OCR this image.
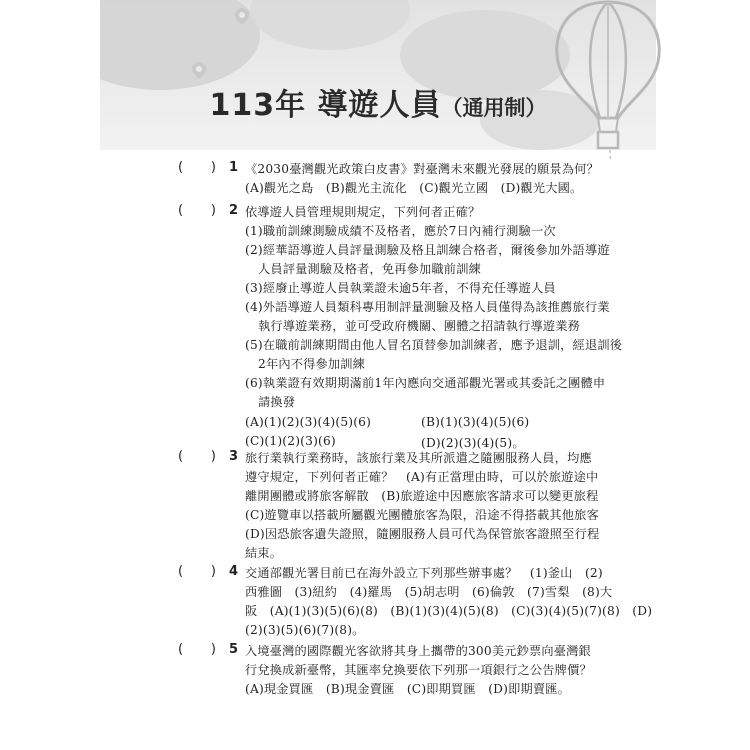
113年 導遊人員（通用制）
( ) 1 《2030臺灣觀光政策白皮書》對臺灣未來觀光發展的願景為何？
(A)觀光之島　(B)觀光主流化　(C)觀光立國　(D)觀光大國。
( ) 2 依導遊人員管理規則規定，下列何者正確？
(1)職前訓練測驗成績不及格者，應於7日內補行測驗一次
(2)經華語導遊人員評量測驗及格且訓練合格者，爾後參加外語導遊
人員評量測驗及格者，免再參加職前訓練
(3)經廢止導遊人員執業證未逾5年者，不得充任導遊人員
(4)外語導遊人員類科專用制評量測驗及格人員僅得為該推薦旅行業
執行導遊業務，並可受政府機關、團體之招請執行導遊業務
(5)在職前訓練期間由他人冒名頂替參加訓練者，應予退訓，經退訓後
2年內不得參加訓練
(6)執業證有效期期滿前1年內應向交通部觀光署或其委託之團體申
請換發
(A)(1)(2)(3)(4)(5)(6)	(B)(1)(3)(4)(5)(6)
(C)(1)(2)(3)(6)	(D)(2)(3)(4)(5)。
( ) 3 旅行業執行業務時，該旅行業及其所派遣之隨團服務人員，均應
遵守規定，下列何者正確？　(A)有正當理由時，可以於旅遊途中
離開團體或將旅客解散　(B)旅遊途中因應旅客請求可以變更旅程
(C)遊覽車以搭載所屬觀光團體旅客為限，沿途不得搭載其他旅客
(D)因恐旅客遺失證照，隨團服務人員可代為保管旅客證照至行程
結束。
( ) 4 交通部觀光署目前已在海外設立下列那些辦事處？　(1)釜山　(2)
西雅圖　(3)紐約　(4)羅馬　(5)胡志明　(6)倫敦　(7)雪梨　(8)大
阪　(A)(1)(3)(5)(6)(8)　(B)(1)(3)(4)(5)(8)　(C)(3)(4)(5)(7)(8)　(D)
(2)(3)(5)(6)(7)(8)。
( ) 5 入境臺灣的國際觀光客欲將其身上攜帶的300美元鈔票向臺灣銀
行兌換成新臺幣，其匯率兌換要依下列那一項銀行之公告牌價？
(A)現金買匯　(B)現金賣匯　(C)即期買匯　(D)即期賣匯。
